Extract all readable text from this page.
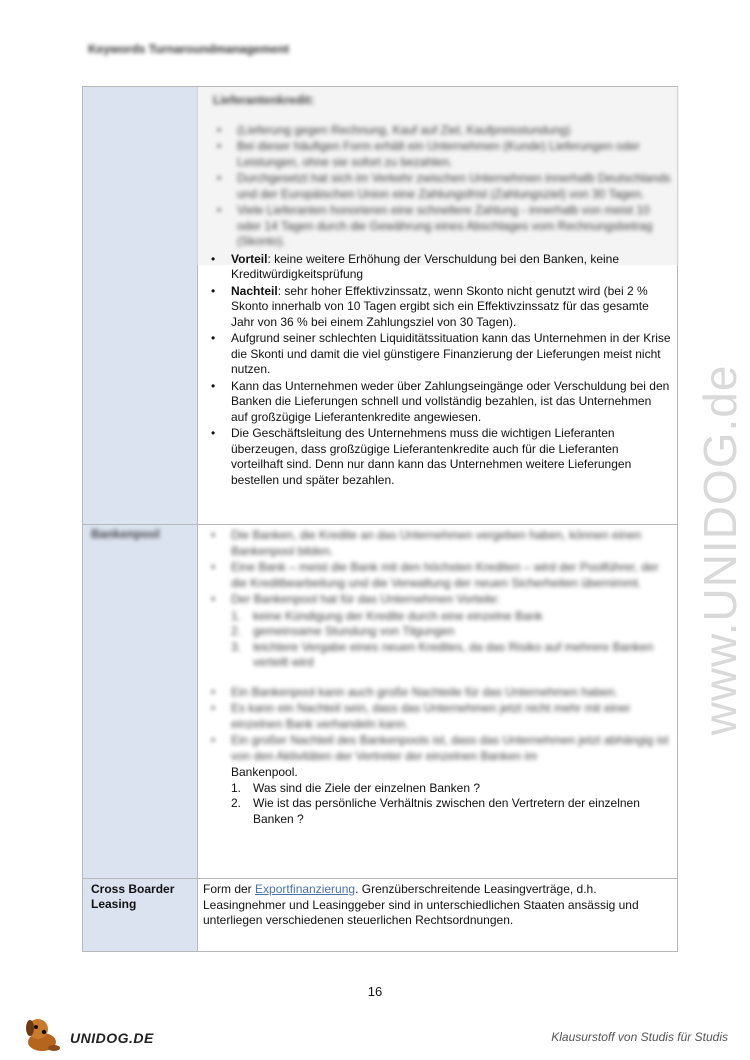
Keywords Turnaroundmanagement
Lieferantenkredit:
• (Lieferung gegen Rechnung, Kauf auf Ziel, Kaufpreisstundung)
• Bei dieser häufigen Form erhält ein Unternehmen (Kunde) Lieferungen oder Leistungen, ohne sie sofort zu bezahlen.
• Durchgesetzt hat sich im Verkehr zwischen Unternehmen innerhalb Deutschlands und der Europäischen Union eine Zahlungsfrist (Zahlungsziel) von 30 Tagen.
• Viele Lieferanten honorieren eine schnellere Zahlung - innerhalb von meist 10 oder 14 Tagen durch die Gewährung eines Abschlages vom Rechnungsbetrag (Skonto).
• Vorteil: keine weitere Erhöhung der Verschuldung bei den Banken, keine Kreditwürdigkeitsprüfung
• Nachteil: sehr hoher Effektivzinssatz, wenn Skonto nicht genutzt wird (bei 2 % Skonto innerhalb von 10 Tagen ergibt sich ein Effektivzinssatz für das gesamte Jahr von 36 % bei einem Zahlungsziel von 30 Tagen).
• Aufgrund seiner schlechten Liquiditätssituation kann das Unternehmen in der Krise die Skonti und damit die viel günstigere Finanzierung der Lieferungen meist nicht nutzen.
• Kann das Unternehmen weder über Zahlungseingänge oder Verschuldung bei den Banken die Lieferungen schnell und vollständig bezahlen, ist das Unternehmen auf großzügige Lieferantenkredite angewiesen.
• Die Geschäftsleitung des Unternehmens muss die wichtigen Lieferanten überzeugen, dass großzügige Lieferantenkredite auch für die Lieferanten vorteilhaft sind. Denn nur dann kann das Unternehmen weitere Lieferungen bestellen und später bezahlen.
Bankenpool
•	Die Banken, die Kredite an das Unternehmen vergeben haben, können einen Bankenpool bilden.
• Eine Bank – meist die Bank mit den höchsten Krediten – wird der Poolführer, der die Kreditbearbeitung und die Verwaltung der neuen Sicherheiten übernimmt.
• Der Bankenpool hat für das Unternehmen Vorteile:
1. keine Kündigung der Kredite durch eine einzelne Bank
2. gemeinsame Stundung von Tilgungen
3. leichtere Vergabe eines neuen Kredites, da das Risiko auf mehrere Banken verteilt wird
• Ein Bankenpool kann auch große Nachteile für das Unternehmen haben.
• Es kann ein Nachteil sein, dass das Unternehmen jetzt nicht mehr mit einer einzelnen Bank verhandeln kann.
• Ein großer Nachteil des Bankenpools ist, dass das Unternehmen jetzt abhängig ist von den Aktivitäten der Vertreter der einzelnen Banken im
Bankenpool.
1. Was sind die Ziele der einzelnen Banken ?
2. Wie ist das persönliche Verhältnis zwischen den Vertretern der einzelnen Banken ?
Cross Boarder Leasing
Form der Exportfinanzierung. Grenzüberschreitende Leasingverträge, d.h. Leasingnehmer und Leasinggeber sind in unterschiedlichen Staaten ansässig und unterliegen verschiedenen steuerlichen Rechtsordnungen.
www.UNIDOG.de
16
UNIDOG.DE	Klausurstoff von Studis für Studis
